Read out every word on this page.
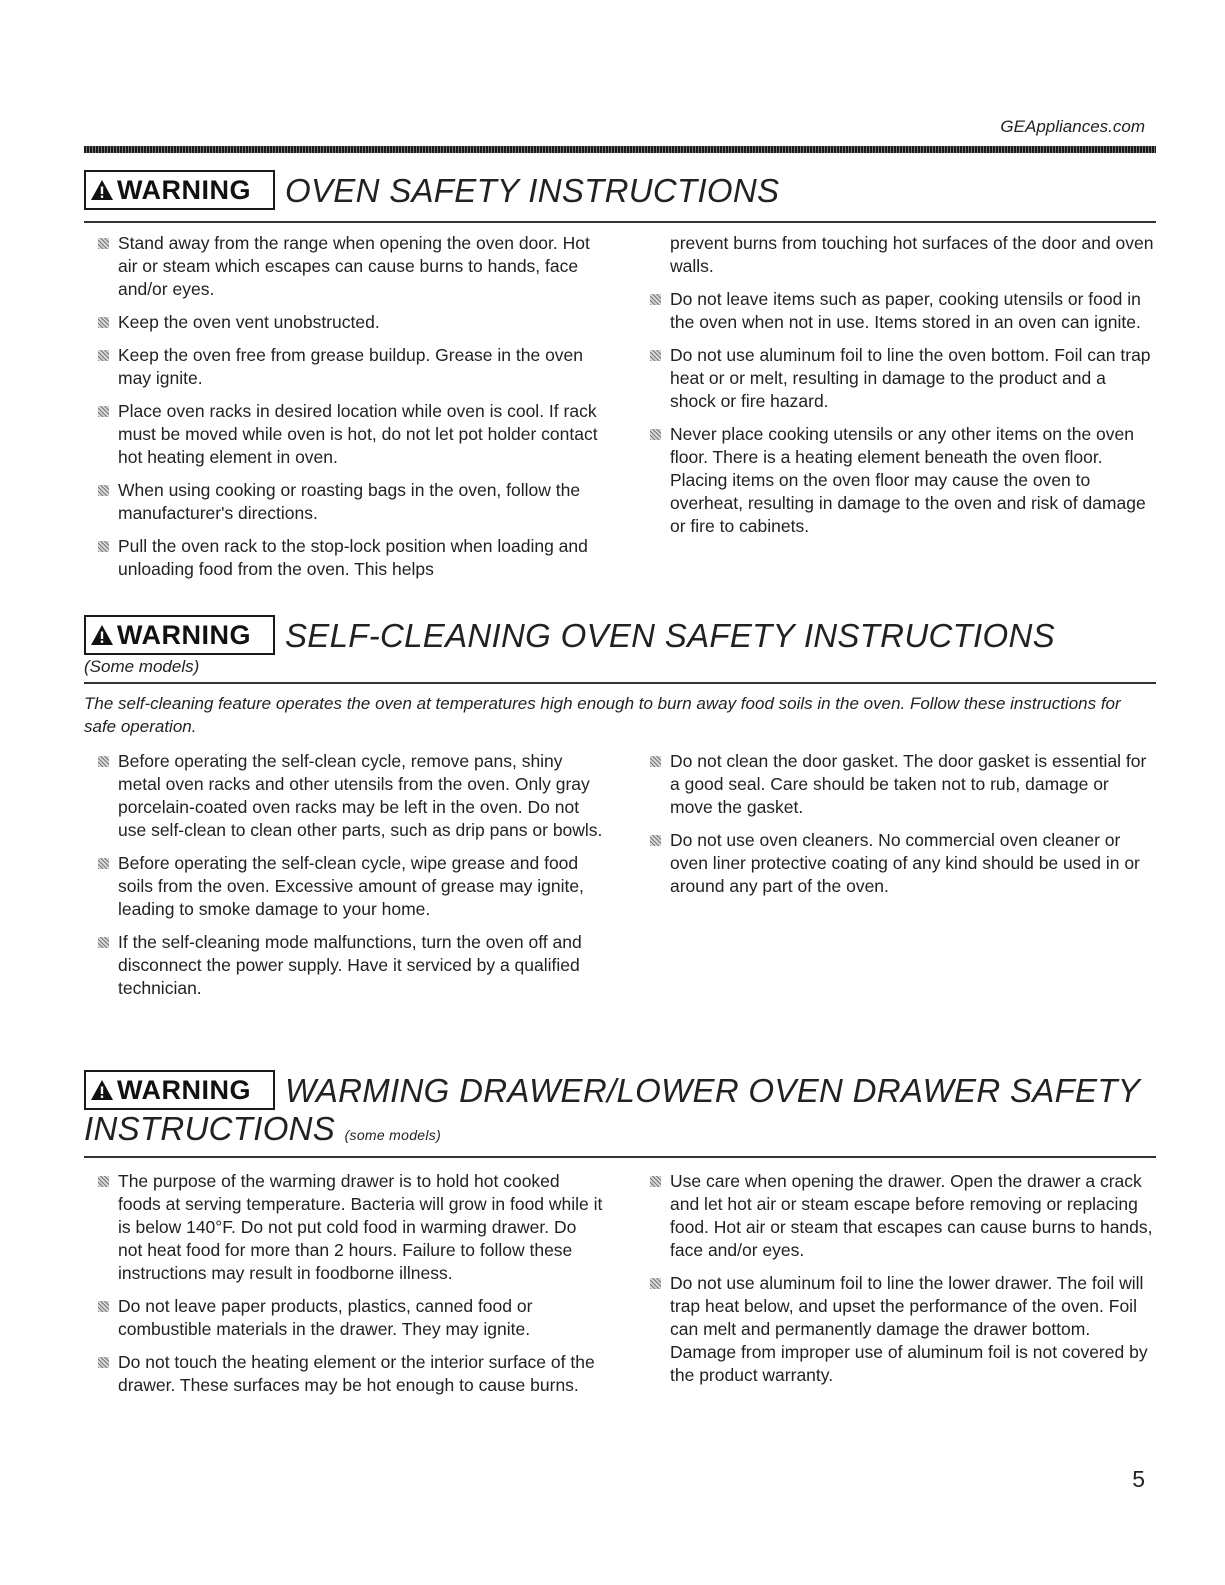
GEAppliances.com
WARNING OVEN SAFETY INSTRUCTIONS
Stand away from the range when opening the oven door. Hot air or steam which escapes can cause burns to hands, face and/or eyes.
Keep the oven vent unobstructed.
Keep the oven free from grease buildup. Grease in the oven may ignite.
Place oven racks in desired location while oven is cool. If rack must be moved while oven is hot, do not let pot holder contact hot heating element in oven.
When using cooking or roasting bags in the oven, follow the manufacturer's directions.
Pull the oven rack to the stop-lock position when loading and unloading food from the oven. This helps
prevent burns from touching hot surfaces of the door and oven walls.
Do not leave items such as paper, cooking utensils or food in the oven when not in use. Items stored in an oven can ignite.
Do not use aluminum foil to line the oven bottom. Foil can trap heat or or melt, resulting in damage to the product and a shock or fire hazard.
Never place cooking utensils or any other items on the oven floor. There is a heating element beneath the oven floor. Placing items on the oven floor may cause the oven to overheat, resulting in damage to the oven and risk of damage or fire to cabinets.
WARNING SELF-CLEANING OVEN SAFETY INSTRUCTIONS
(Some models)
The self-cleaning feature operates the oven at temperatures high enough to burn away food soils in the oven. Follow these instructions for safe operation.
Before operating the self-clean cycle, remove pans, shiny metal oven racks and other utensils from the oven. Only gray porcelain-coated oven racks may be left in the oven. Do not use self-clean to clean other parts, such as drip pans or bowls.
Before operating the self-clean cycle, wipe grease and food soils from the oven. Excessive amount of grease may ignite, leading to smoke damage to your home.
If the self-cleaning mode malfunctions, turn the oven off and disconnect the power supply. Have it serviced by a qualified technician.
Do not clean the door gasket. The door gasket is essential for a good seal. Care should be taken not to rub, damage or move the gasket.
Do not use oven cleaners. No commercial oven cleaner or oven liner protective coating of any kind should be used in or around any part of the oven.
WARNING WARMING DRAWER/LOWER OVEN DRAWER SAFETY
INSTRUCTIONS (some models)
The purpose of the warming drawer is to hold hot cooked foods at serving temperature. Bacteria will grow in food while it is below 140°F. Do not put cold food in warming drawer. Do not heat food for more than 2 hours. Failure to follow these instructions may result in foodborne illness.
Do not leave paper products, plastics, canned food or combustible materials in the drawer. They may ignite.
Do not touch the heating element or the interior surface of the drawer. These surfaces may be hot enough to cause burns.
Use care when opening the drawer. Open the drawer a crack and let hot air or steam escape before removing or replacing food. Hot air or steam that escapes can cause burns to hands, face and/or eyes.
Do not use aluminum foil to line the lower drawer. The foil will trap heat below, and upset the performance of the oven. Foil can melt and permanently damage the drawer bottom. Damage from improper use of aluminum foil is not covered by the product warranty.
5
